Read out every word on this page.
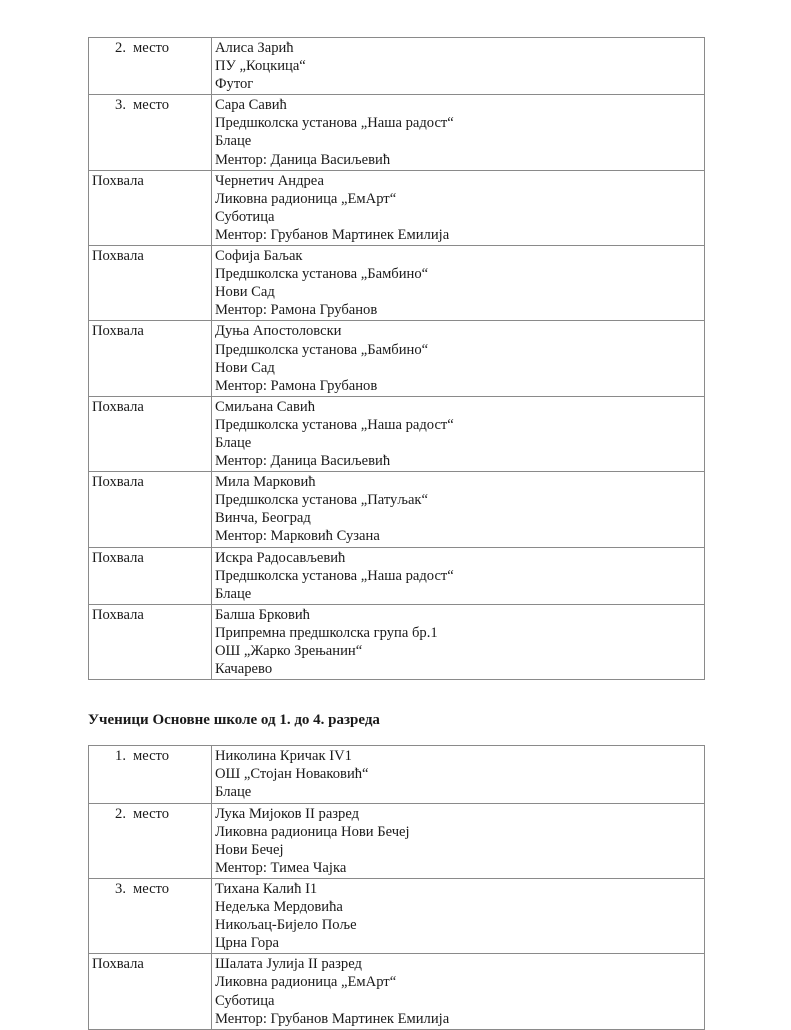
2. место	Алиса Зарић
ПУ „Коцкица“
Футог

3. место	Сара Савић
Предшколска установа „Наша радост“
Блаце
Ментор: Даница Васиљевић

Похвала	Чернетич Андреа
Ликовна радионица „ЕмАрт“
Суботица
Ментор: Грубанов Мартинек Емилија

Похвала	Софија Баљак
Предшколска установа „Бамбино“
Нови Сад
Ментор: Рамона Грубанов

Похвала	Дуња Апостоловски
Предшколска установа „Бамбино“
Нови Сад
Ментор: Рамона Грубанов

Похвала	Смиљана Савић
Предшколска установа „Наша радост“
Блаце
Ментор: Даница Васиљевић

Похвала	Мила Марковић
Предшколска установа „Патуљак“
Винча, Београд
Ментор: Марковић Сузана

Похвала	Искра Радосављевић
Предшколска установа „Наша радост“
Блаце

Похвала	Балша Брковић
Припремна предшколска група бр.1
ОШ „Жарко Зрењанин“
Качарево
Ученици Основне школе од 1. до 4. разреда
1. место	Николина Кричак IV1
ОШ „Стојан Новаковић“
Блаце

2. место	Лука Мијоков II разред
Ликовна радионица Нови Бечеј
Нови Бечеј
Ментор: Тимеа Чајка

3. место	Тихана Калић I1
Недељка Мердовића
Никољац-Бијело Поље
Црна Гора

Похвала	Шалата Јулија II разред
Ликовна радионица „ЕмАрт“
Суботица
Ментор: Грубанов Мартинек Емилија
